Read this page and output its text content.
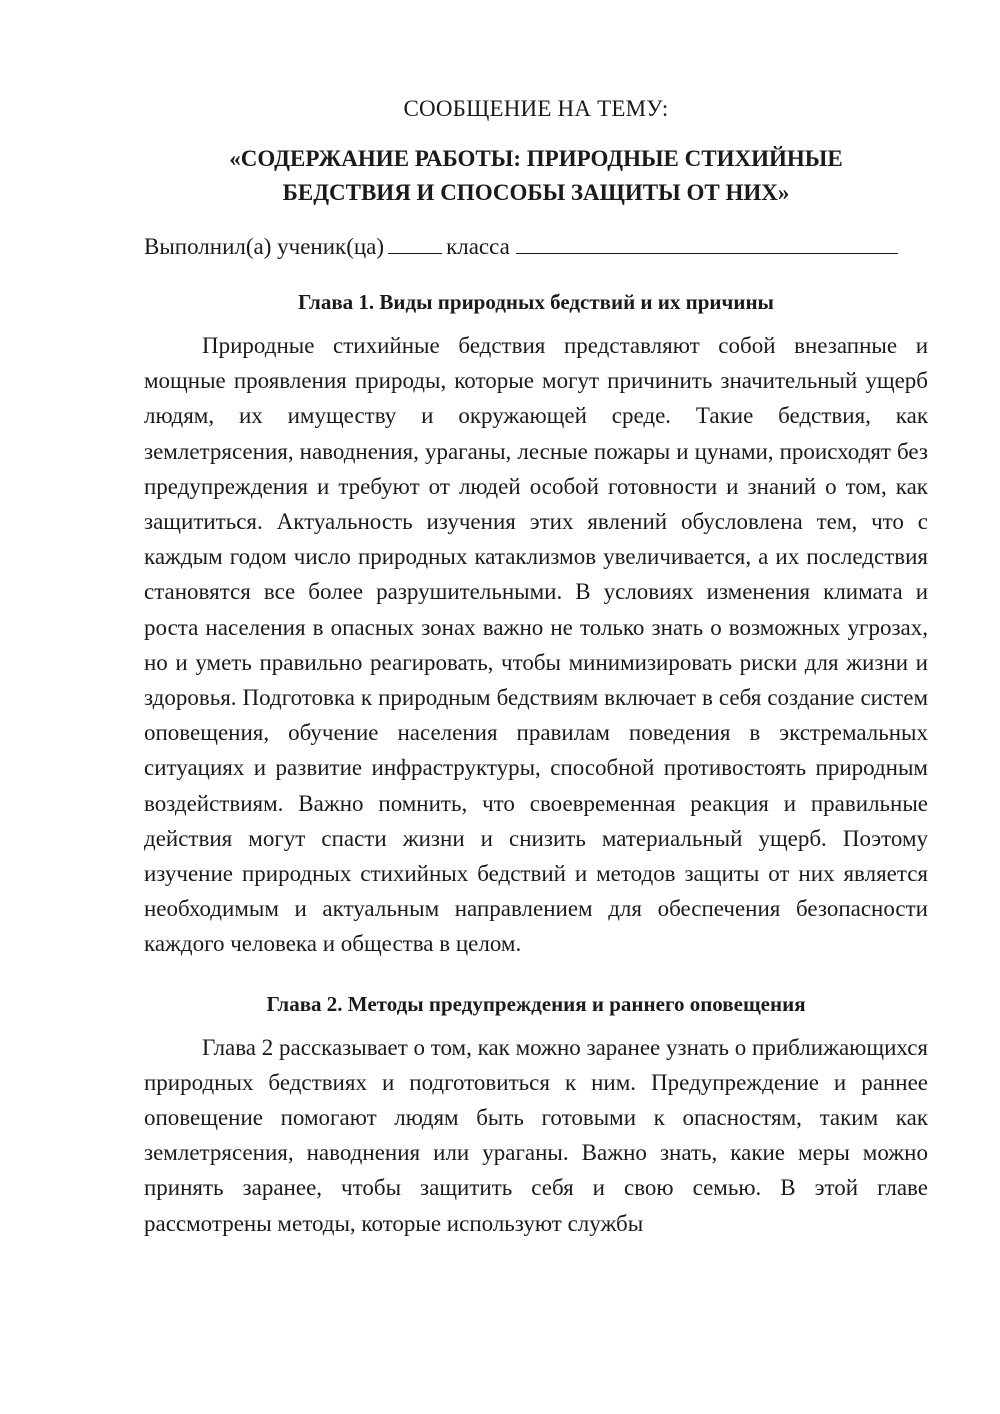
СООБЩЕНИЕ НА ТЕМУ:
«СОДЕРЖАНИЕ РАБОТЫ: ПРИРОДНЫЕ СТИХИЙНЫЕ
БЕДСТВИЯ И СПОСОБЫ ЗАЩИТЫ ОТ НИХ»
Выполнил(а) ученик(ца)	класса
Глава 1. Виды природных бедствий и их причины

Природные стихийные бедствия представляют собой внезапные и мощные проявления природы, которые могут причинить значительный ущерб людям, их имуществу и окружающей среде. Такие бедствия, как землетрясения, наводнения, ураганы, лесные пожары и цунами, происходят без предупреждения и требуют от людей особой готовности и знаний о том, как защититься. Актуальность изучения этих явлений обусловлена тем, что с каждым годом число природных катаклизмов увеличивается, а их последствия становятся все более разрушительными. В условиях изменения климата и роста населения в опасных зонах важно не только знать о возможных угрозах, но и уметь правильно реагировать, чтобы минимизировать риски для жизни и здоровья. Подготовка к природным бедствиям включает в себя создание систем оповещения, обучение населения правилам поведения в экстремальных ситуациях и развитие инфраструктуры, способной противостоять природным воздействиям. Важно помнить, что своевременная реакция и правильные действия могут спасти жизни и снизить материальный ущерб. Поэтому изучение природных стихийных бедствий и методов защиты от них является необходимым и актуальным направлением для обеспечения безопасности каждого человека и общества в целом.

Глава 2. Методы предупреждения и раннего оповещения

Глава 2 рассказывает о том, как можно заранее узнать о приближающихся природных бедствиях и подготовиться к ним. Предупреждение и раннее оповещение помогают людям быть готовыми к опасностям, таким как землетрясения, наводнения или ураганы. Важно знать, какие меры можно принять заранее, чтобы защитить себя и свою семью. В этой главе рассмотрены методы, которые используют службы
